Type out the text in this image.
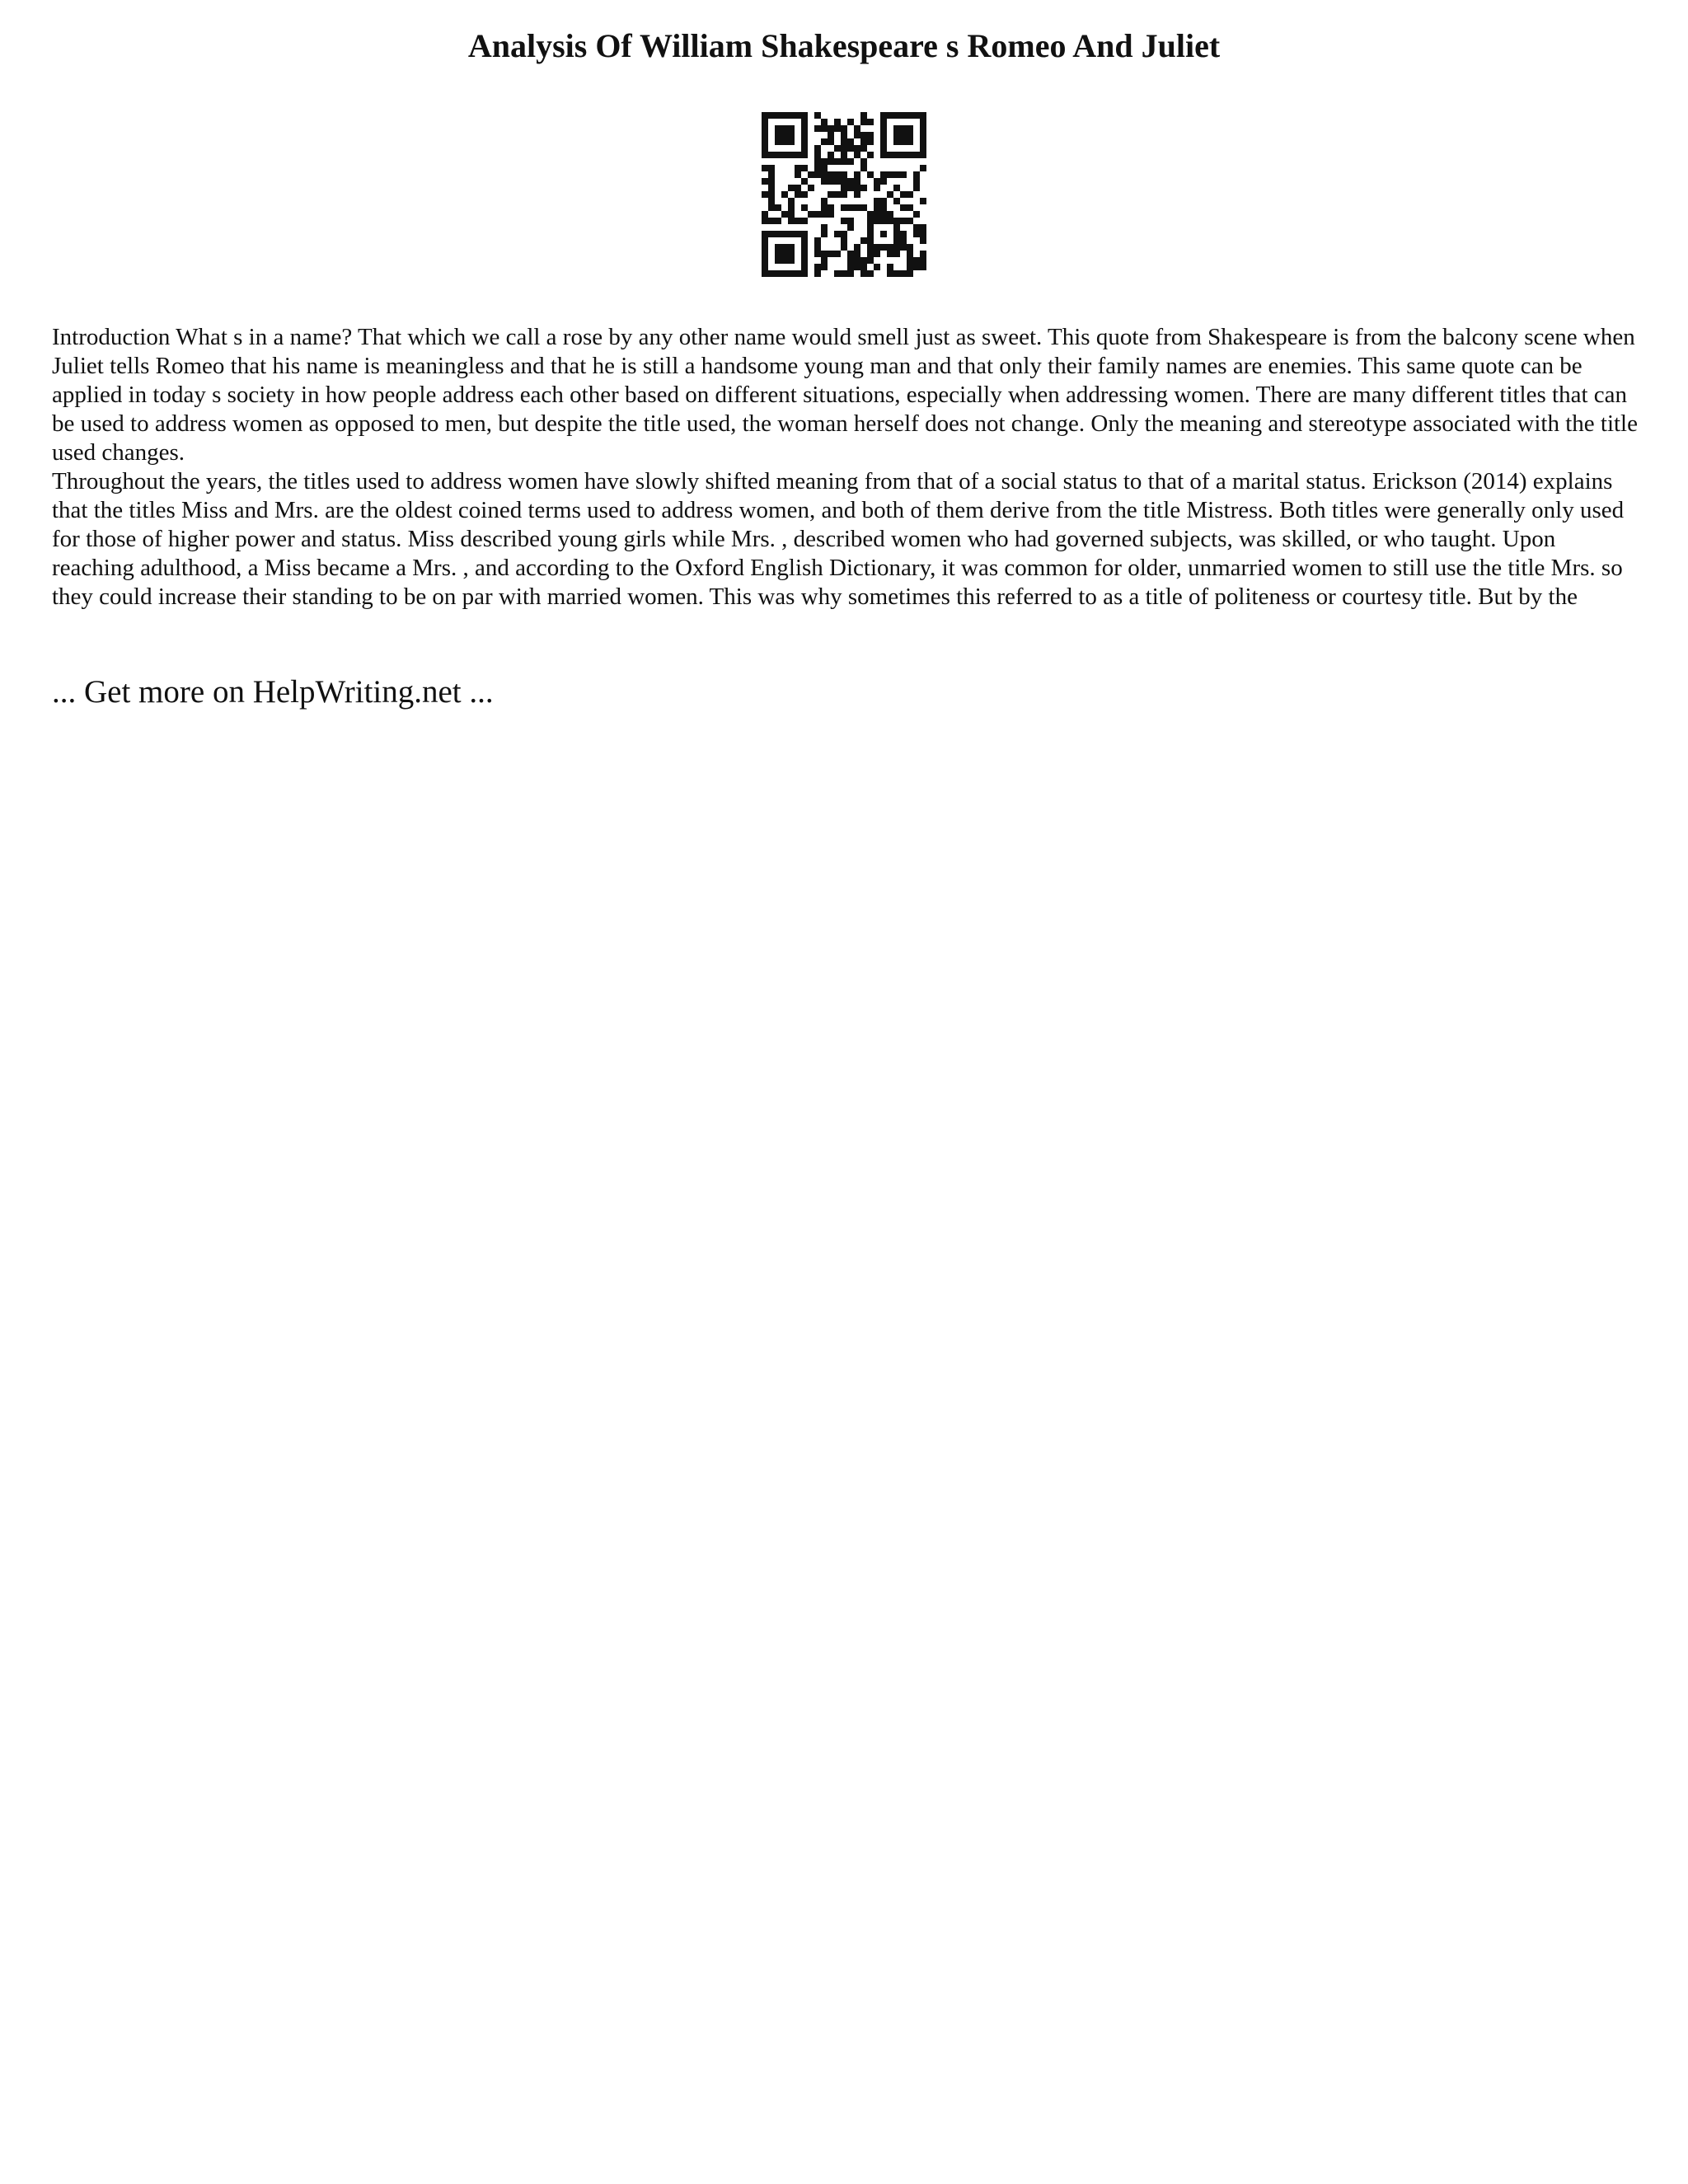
Analysis Of William Shakespeare s Romeo And Juliet

Introduction What s in a name? That which we call a rose by any other name would smell just as sweet. This quote from Shakespeare is from the balcony scene when Juliet tells Romeo that his name is meaningless and that he is still a handsome young man and that only their family names are enemies. This same quote can be applied in today s society in how people address each other based on different situations, especially when addressing women. There are many different titles that can be used to address women as opposed to men, but despite the title used, the woman herself does not change. Only the meaning and stereotype associated with the title used changes.

Throughout the years, the titles used to address women have slowly shifted meaning from that of a social status to that of a marital status. Erickson (2014) explains that the titles Miss and Mrs. are the oldest coined terms used to address women, and both of them derive from the title Mistress. Both titles were generally only used for those of higher power and status. Miss described young girls while Mrs. , described women who had governed subjects, was skilled, or who taught. Upon reaching adulthood, a Miss became a Mrs. , and according to the Oxford English Dictionary, it was common for older, unmarried women to still use the title Mrs. so they could increase their standing to be on par with married women. This was why sometimes this referred to as a title of politeness or courtesy title. But by the

... Get more on HelpWriting.net ...
